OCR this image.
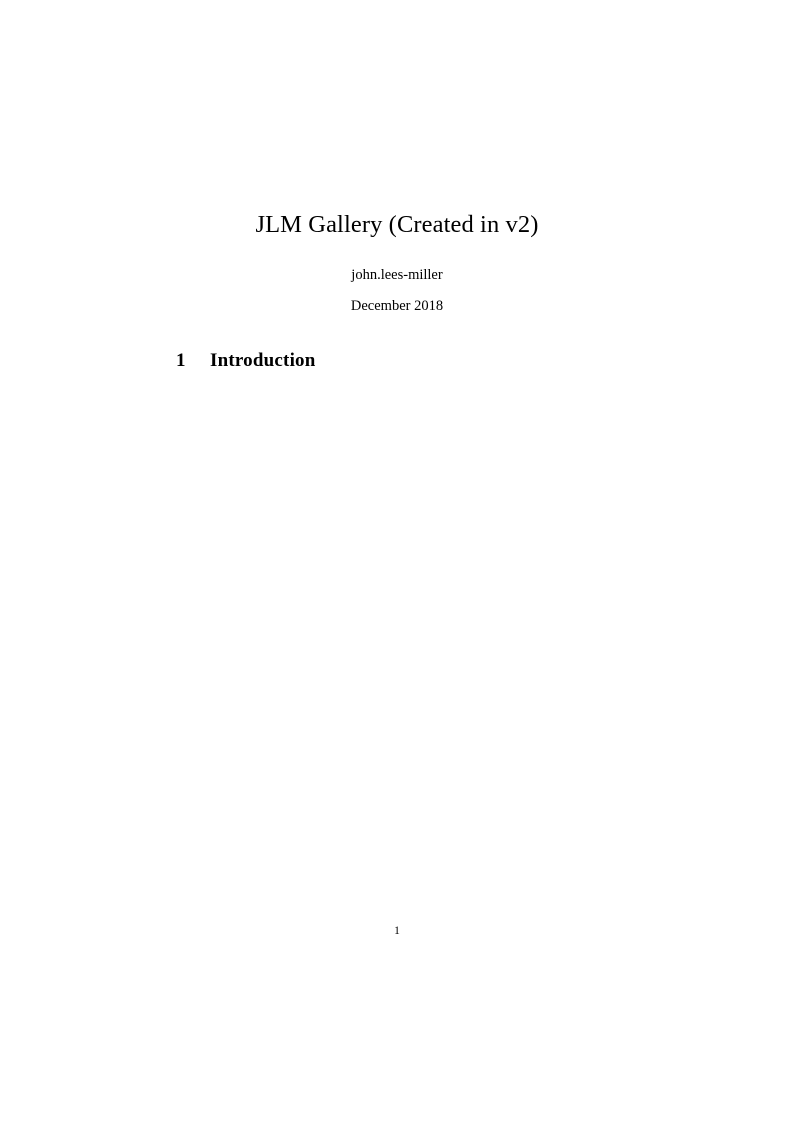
JLM Gallery (Created in v2)
john.lees-miller
December 2018
1 Introduction
1
